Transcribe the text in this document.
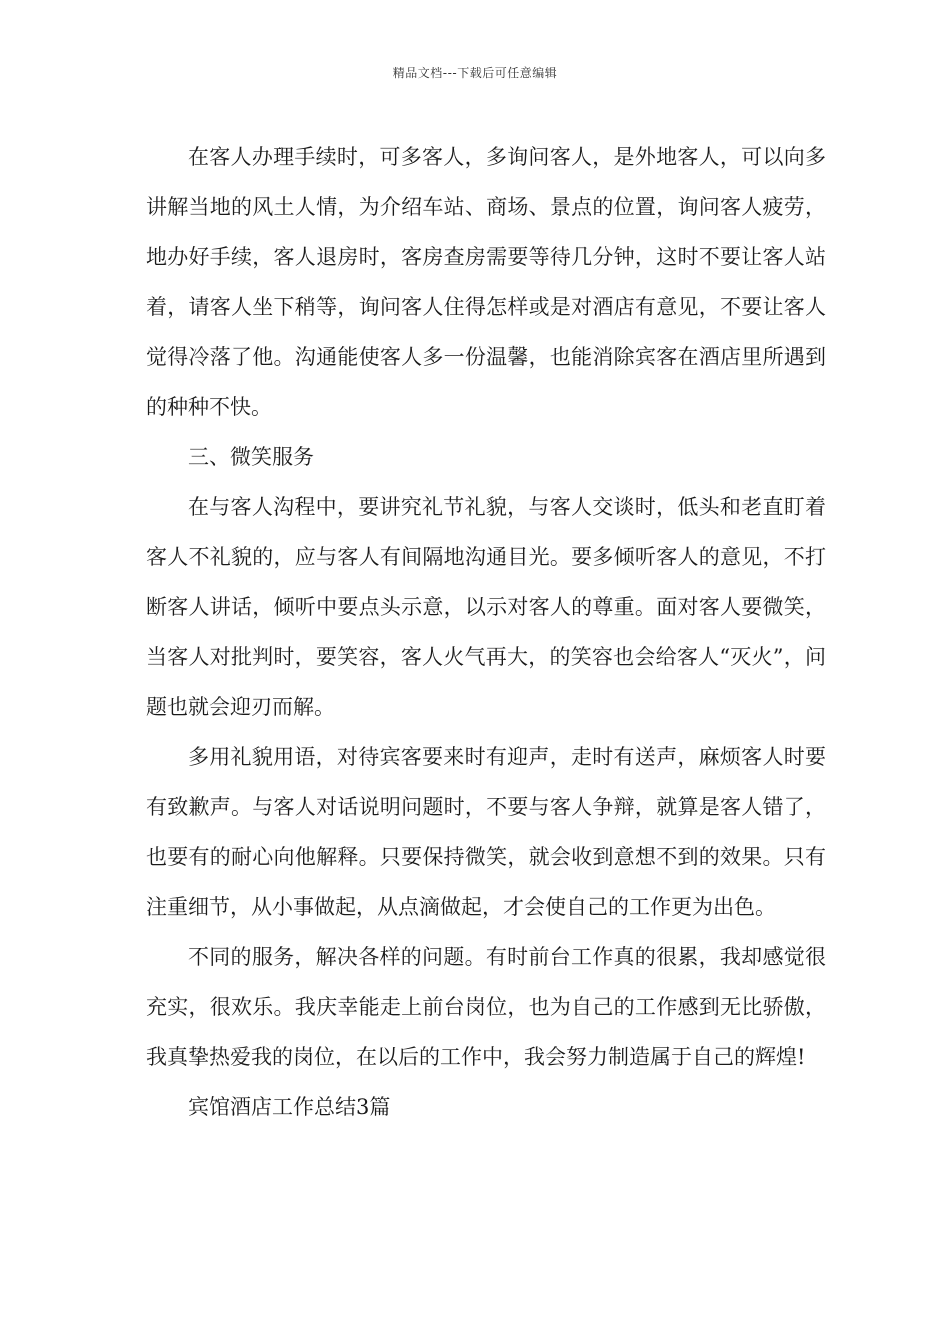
精品文档---下载后可任意编辑

在客人办理手续时，可多客人，多询问客人，是外地客人，可以向多讲解当地的风土人情，为介绍车站、商场、景点的位置，询问客人疲劳，地办好手续，客人退房时，客房查房需要等待几分钟，这时不要让客人站着，请客人坐下稍等，询问客人住得怎样或是对酒店有意见，不要让客人觉得冷落了他。沟通能使客人多一份温馨，也能消除宾客在酒店里所遇到的种种不快。

三、微笑服务

在与客人沟程中，要讲究礼节礼貌，与客人交谈时，低头和老直盯着客人不礼貌的，应与客人有间隔地沟通目光。要多倾听客人的意见，不打断客人讲话，倾听中要点头示意，以示对客人的尊重。面对客人要微笑，当客人对批判时，要笑容，客人火气再大，的笑容也会给客人“灭火”，问题也就会迎刃而解。

多用礼貌用语，对待宾客要来时有迎声，走时有送声，麻烦客人时要有致歉声。与客人对话说明问题时，不要与客人争辩，就算是客人错了，也要有的耐心向他解释。只要保持微笑，就会收到意想不到的效果。只有注重细节，从小事做起，从点滴做起，才会使自己的工作更为出色。

不同的服务，解决各样的问题。有时前台工作真的很累，我却感觉很充实，很欢乐。我庆幸能走上前台岗位，也为自己的工作感到无比骄傲，我真挚热爱我的岗位，在以后的工作中，我会努力制造属于自己的辉煌!

宾馆酒店工作总结3篇
